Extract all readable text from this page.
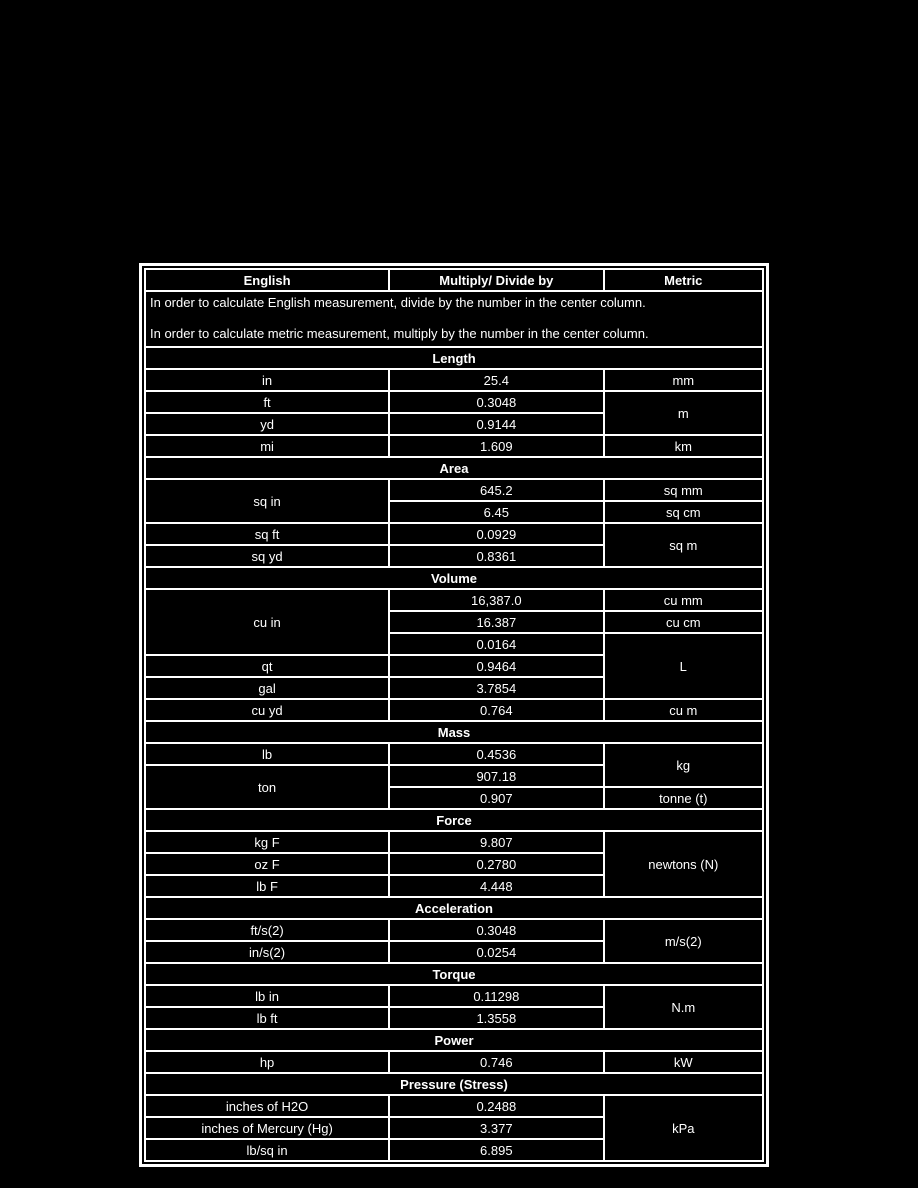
English	Multiply/ Divide by	Metric

In order to calculate English measurement, divide by the number in the center column.
In order to calculate metric measurement, multiply by the number in the center column.		

Length		
in	25.4	mm
ft	0.3048	m
yd	0.9144	
mi	1.609	km
Area		
sq in	645.2	sq mm
	6.45	sq cm
sq ft	0.0929	sq m
sq yd	0.8361	
Volume		
cu in	16,387.0	cu mm
	16.387	cu cm
	0.0164	L
qt	0.9464	
gal	3.7854	
cu yd	0.764	cu m
Mass		
lb	0.4536	kg
ton	907.18	
	0.907	tonne (t)
Force		
kg F	9.807	newtons (N)
oz F	0.2780	
lb F	4.448	
Acceleration		
ft/s(2)	0.3048	m/s(2)
in/s(2)	0.0254	
Torque		
lb in	0.11298	N.m
lb ft	1.3558	
Power		
hp	0.746	kW
Pressure (Stress)		
inches of H2O	0.2488	kPa
inches of Mercury (Hg)	3.377	
lb/sq in	6.895	
